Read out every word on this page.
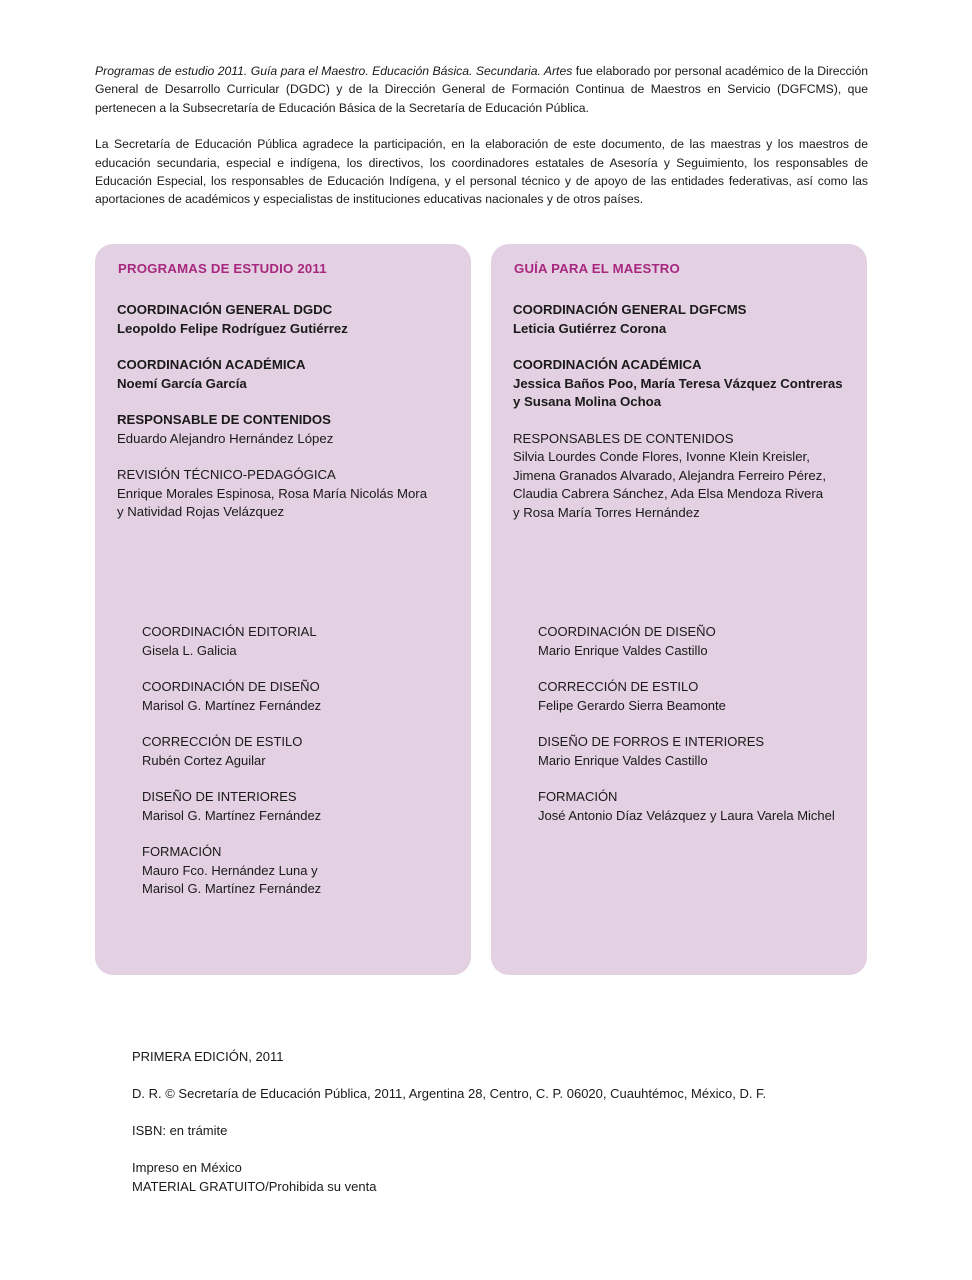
Programas de estudio 2011. Guía para el Maestro. Educación Básica. Secundaria. Artes fue elaborado por personal académico de la Dirección General de Desarrollo Curricular (DGDC) y de la Dirección General de Formación Continua de Maestros en Servicio (DGFCMS), que pertenecen a la Subsecretaría de Educación Básica de la Secretaría de Educación Pública.

La Secretaría de Educación Pública agradece la participación, en la elaboración de este documento, de las maestras y los maestros de educación secundaria, especial e indígena, los directivos, los coordinadores estatales de Asesoría y Seguimiento, los responsables de Educación Especial, los responsables de Educación Indígena, y el personal técnico y de apoyo de las entidades federativas, así como las aportaciones de académicos y especialistas de instituciones educativas nacionales y de otros países.

PROGRAMAS DE ESTUDIO 2011
COORDINACIÓN GENERAL DGDC
Leopoldo Felipe Rodríguez Gutiérrez
COORDINACIÓN ACADÉMICA
Noemí García García
RESPONSABLE DE CONTENIDOS
Eduardo Alejandro Hernández López
REVISIÓN TÉCNICO-PEDAGÓGICA
Enrique Morales Espinosa, Rosa María Nicolás Mora
y Natividad Rojas Velázquez
COORDINACIÓN EDITORIAL
Gisela L. Galicia
COORDINACIÓN DE DISEÑO
Marisol G. Martínez Fernández
CORRECCIÓN DE ESTILO
Rubén Cortez Aguilar
DISEÑO DE INTERIORES
Marisol G. Martínez Fernández
FORMACIÓN
Mauro Fco. Hernández Luna y
Marisol G. Martínez Fernández
GUÍA PARA EL MAESTRO
COORDINACIÓN GENERAL DGFCMS
Leticia Gutiérrez Corona
COORDINACIÓN ACADÉMICA
Jessica Baños Poo, María Teresa Vázquez Contreras
y Susana Molina Ochoa
RESPONSABLES DE CONTENIDOS
Silvia Lourdes Conde Flores, Ivonne Klein Kreisler,
Jimena Granados Alvarado, Alejandra Ferreiro Pérez,
Claudia Cabrera Sánchez, Ada Elsa Mendoza Rivera
y Rosa María Torres Hernández
COORDINACIÓN DE DISEÑO
Mario Enrique Valdes Castillo
CORRECCIÓN DE ESTILO
Felipe Gerardo Sierra Beamonte
DISEÑO DE FORROS E INTERIORES
Mario Enrique Valdes Castillo
FORMACIÓN
José Antonio Díaz Velázquez y Laura Varela Michel
PRIMERA EDICIÓN, 2011
D. R. © Secretaría de Educación Pública, 2011, Argentina 28, Centro, C. P. 06020, Cuauhtémoc, México, D. F.
ISBN: en trámite
Impreso en México
MATERIAL GRATUITO/Prohibida su venta
